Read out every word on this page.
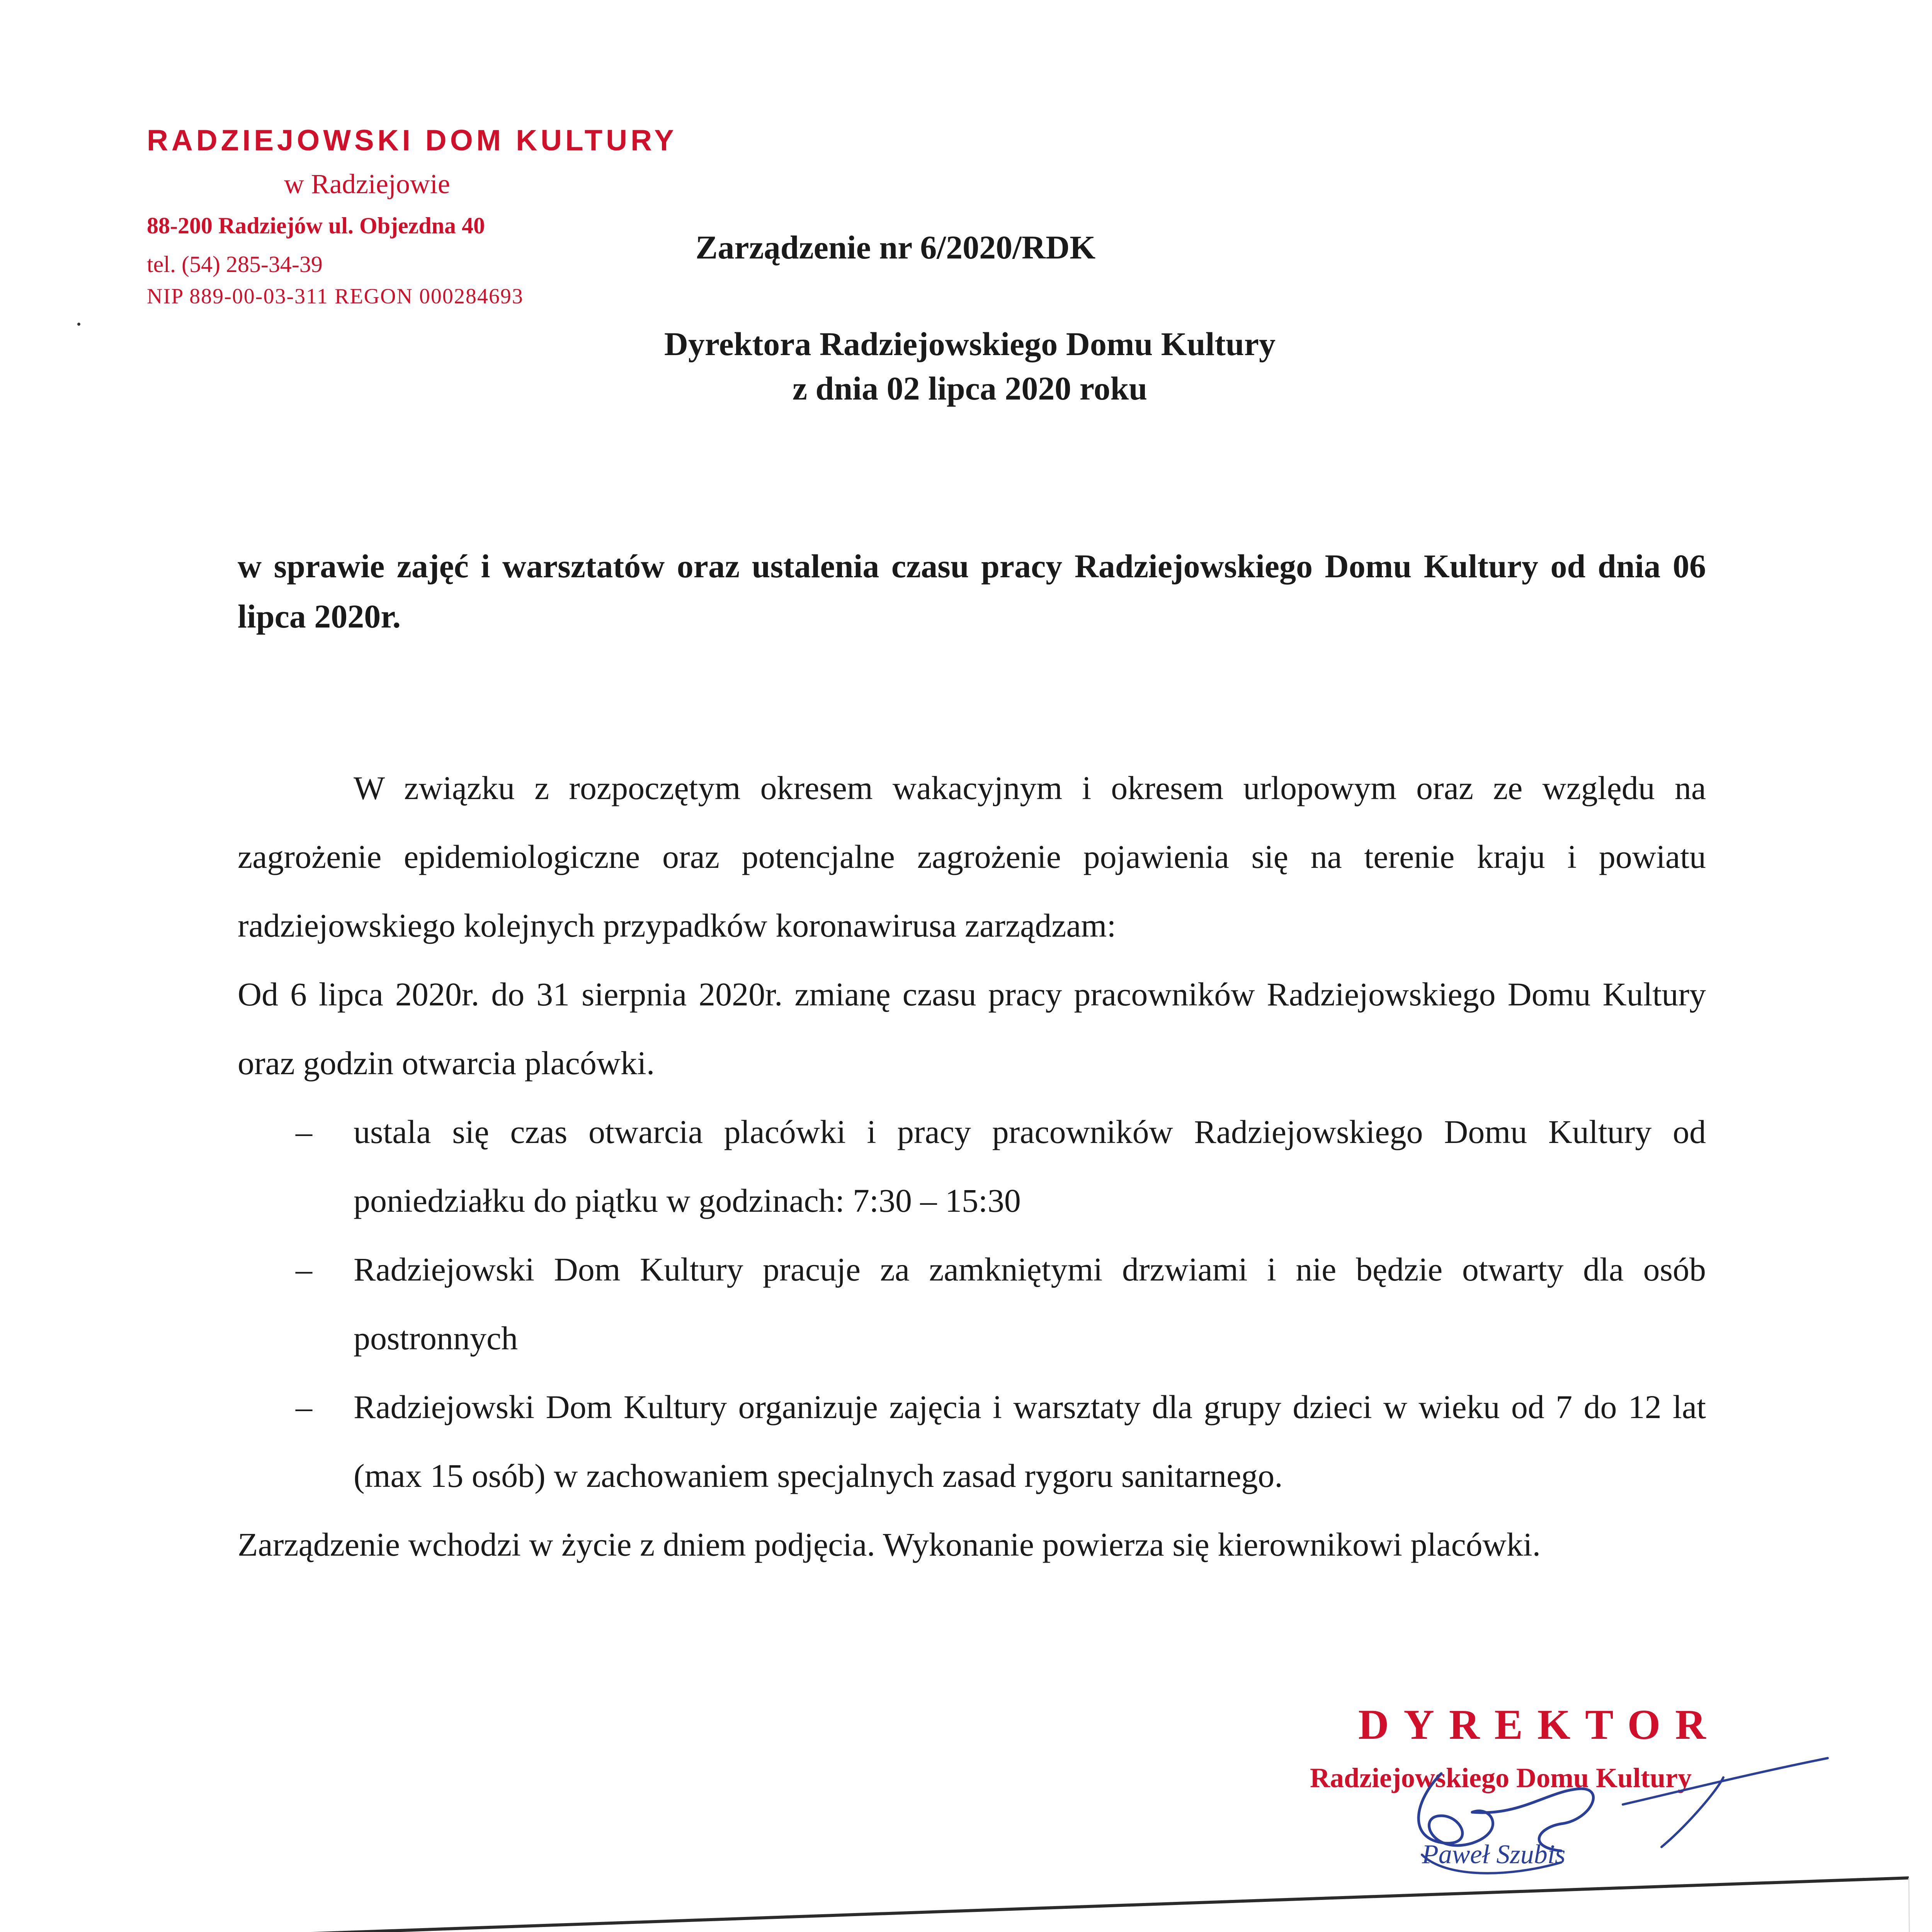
RADZIEJOWSKI DOM KULTURY
w Radziejowie
88-200 Radziejów ul. Objezdna 40
tel. (54) 285-34-39
NIP 889-00-03-311 REGON 000284693
Zarządzenie nr 6/2020/RDK
Dyrektora Radziejowskiego Domu Kultury
z dnia 02 lipca 2020 roku
w sprawie zajęć i warsztatów oraz ustalenia czasu pracy Radziejowskiego Domu Kultury od dnia 06 lipca 2020r.

W związku z rozpoczętym okresem wakacyjnym i okresem urlopowym oraz ze względu na zagrożenie epidemiologiczne oraz potencjalne zagrożenie pojawienia się na terenie kraju i powiatu radziejowskiego kolejnych przypadków koronawirusa zarządzam:

Od 6 lipca 2020r. do 31 sierpnia 2020r. zmianę czasu pracy pracowników Radziejowskiego Domu Kultury oraz godzin otwarcia placówki.

– ustala się czas otwarcia placówki i pracy pracowników Radziejowskiego Domu Kultury od poniedziałku do piątku w godzinach: 7:30 – 15:30
– Radziejowski Dom Kultury pracuje za zamkniętymi drzwiami i nie będzie otwarty dla osób postronnych
– Radziejowski Dom Kultury organizuje zajęcia i warsztaty dla grupy dzieci w wieku od 7 do 12 lat (max 15 osób) w zachowaniem specjalnych zasad rygoru sanitarnego.

Zarządzenie wchodzi w życie z dniem podjęcia. Wykonanie powierza się kierownikowi placówki.

DYREKTOR
Radziejowskiego Domu Kultury
Paweł Szubis
